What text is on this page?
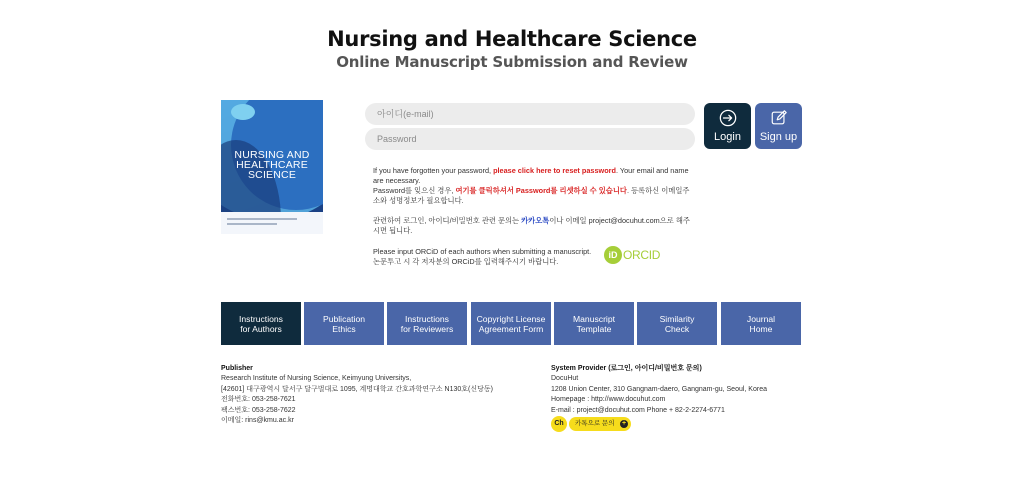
Nursing and Healthcare Science
Online Manuscript Submission and Review
NURSING AND
HEALTHCARE
SCIENCE
아이디(e-mail)
Login	Sign up
If you have forgotten your password, please click here to reset password. Your email and name are necessary.
Password를 잊으신 경우, 여기를 클릭하셔서 Password를 리셋하실 수 있습니다. 등록하신 이메일주소와 성명정보가 필요합니다.
관련하여 로그인, 아이디/비밀번호 관련 문의는 카카오톡이나 이메일 project@docuhut.com으로 해주시면 됩니다.
Please input ORCiD of each authors when submitting a manuscript.
논문투고 시 각 저자분의 ORCiD를 입력해주시기 바랍니다.
iD ORCID
Instructions
for Authors
Publication
Ethics
Instructions
for Reviewers
Copyright License
Agreement Form
Manuscript
Template
Similarity
Check
Journal
Home
Publisher
Research Institute of Nursing Science, Keimyung Universitys,
[42601] 대구광역시 달서구 달구벌대로 1095, 계명대학교 간호과학연구소 N130호(신당동)
전화번호: 053-258-7621
팩스번호: 053-258-7622
이메일: rins@kmu.ac.kr
System Provider (로그인, 아이디/비밀번호 문의)
DocuHut
1208 Union Center, 310 Gangnam-daero, Gangnam-gu, Seoul, Korea
Homepage : http://www.docuhut.com
E-mail : project@docuhut.com Phone + 82-2-2274-6771
Ch	카톡으로 문의 +
